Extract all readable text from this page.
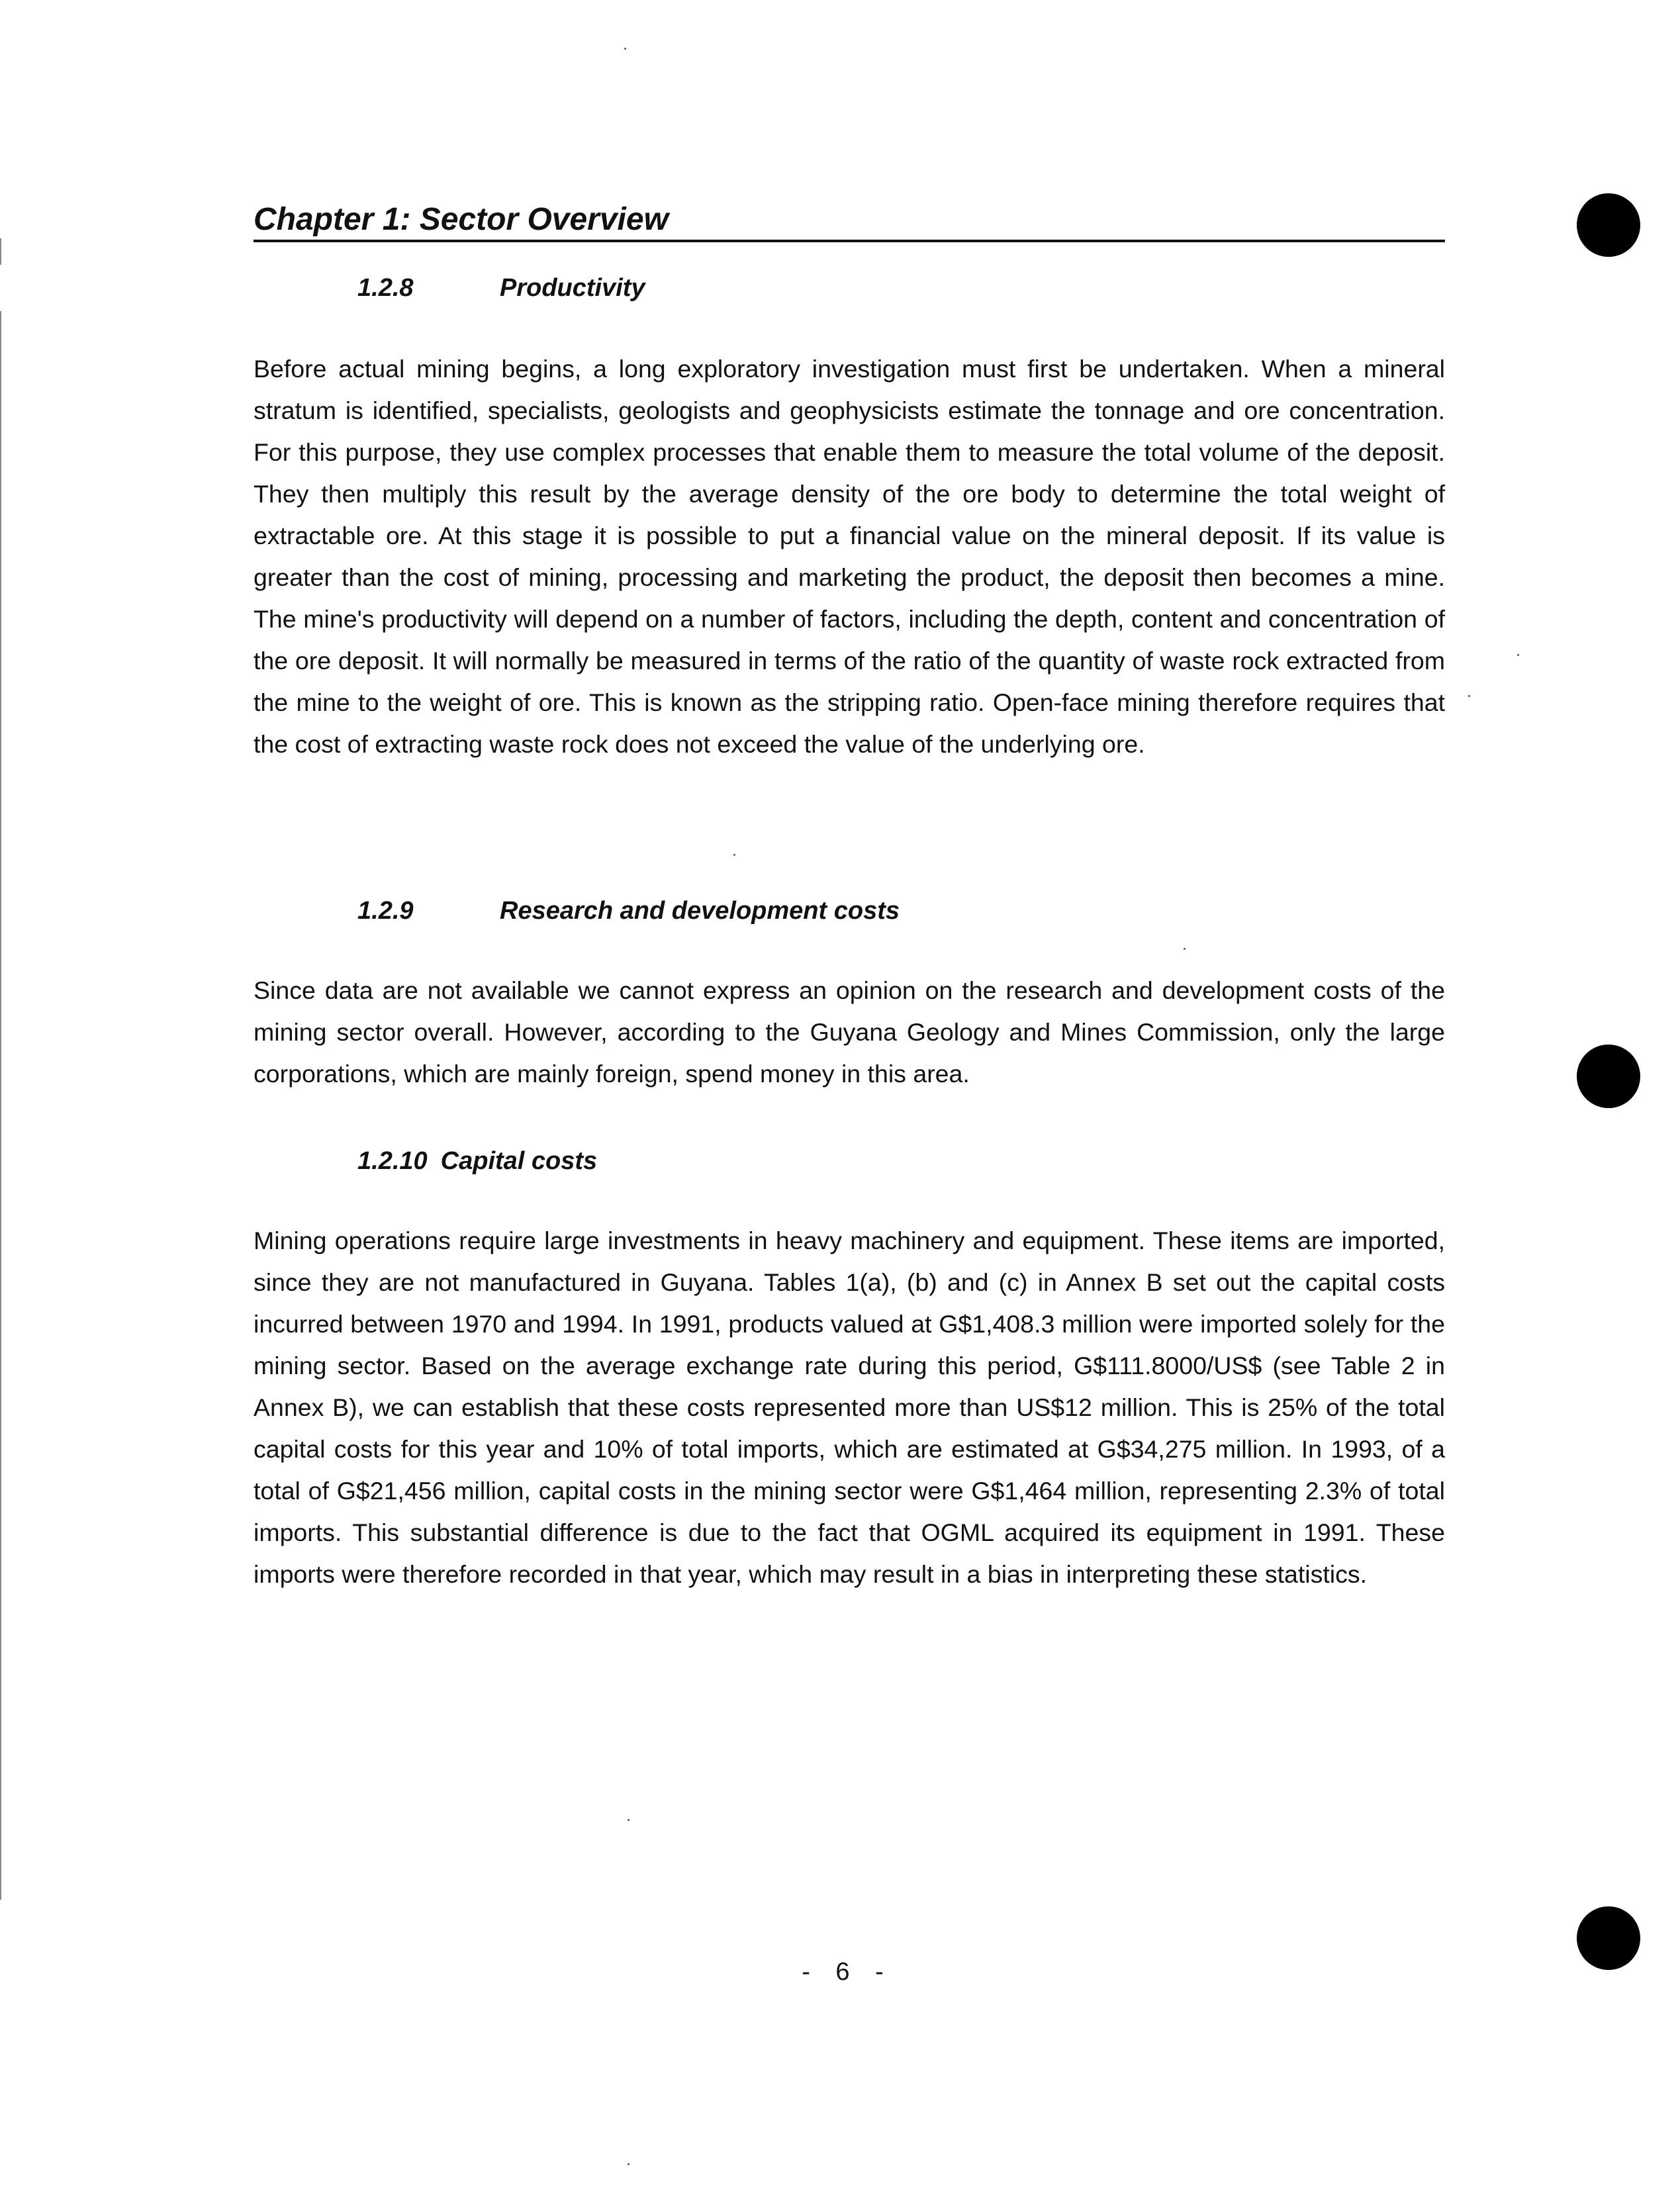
Chapter 1: Sector Overview
1.2.8	Productivity

Before actual mining begins, a long exploratory investigation must first be undertaken. When a mineral stratum is identified, specialists, geologists and geophysicists estimate the tonnage and ore concentration. For this purpose, they use complex processes that enable them to measure the total volume of the deposit. They then multiply this result by the average density of the ore body to determine the total weight of extractable ore. At this stage it is possible to put a financial value on the mineral deposit. If its value is greater than the cost of mining, processing and marketing the product, the deposit then becomes a mine. The mine's productivity will depend on a number of factors, including the depth, content and concentration of the ore deposit. It will normally be measured in terms of the ratio of the quantity of waste rock extracted from the mine to the weight of ore. This is known as the stripping ratio. Open-face mining therefore requires that the cost of extracting waste rock does not exceed the value of the underlying ore.

1.2.9	Research and development costs

Since data are not available we cannot express an opinion on the research and development costs of the mining sector overall. However, according to the Guyana Geology and Mines Commission, only the large corporations, which are mainly foreign, spend money in this area.

1.2.10 Capital costs

Mining operations require large investments in heavy machinery and equipment. These items are imported, since they are not manufactured in Guyana. Tables 1(a), (b) and (c) in Annex B set out the capital costs incurred between 1970 and 1994. In 1991, products valued at G$1,408.3 million were imported solely for the mining sector. Based on the average exchange rate during this period, G$111.8000/US$ (see Table 2 in Annex B), we can establish that these costs represented more than US$12 million. This is 25% of the total capital costs for this year and 10% of total imports, which are estimated at G$34,275 million. In 1993, of a total of G$21,456 million, capital costs in the mining sector were G$1,464 million, representing 2.3% of total imports. This substantial difference is due to the fact that OGML acquired its equipment in 1991. These imports were therefore recorded in that year, which may result in a bias in interpreting these statistics.

- 6 -
